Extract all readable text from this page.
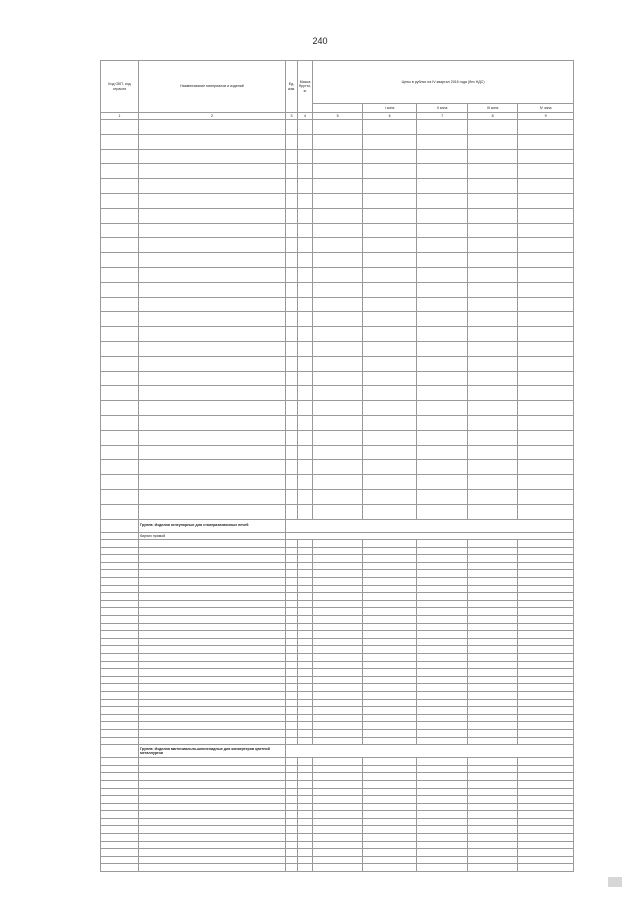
240
Код ОКП, код отрасли	Наименование материалов и изделий	Ед. изм.	Масса брутто, кг	Цены в рублях на IV квартал 2016 года (без НДС)				
					I зона	II зона	III зона	IV зона
1	2	3	4	5	6	7	8	9

	Группа: Изделия огнеупорные для сталеразливочных печей							
	Кирпич прямой							

	Группа: Изделия магнезиально-шпинелидные для конвертеров цветной металлургии							
